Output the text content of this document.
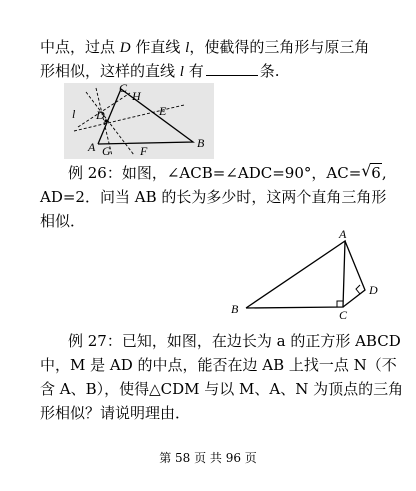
中点，过点 D 作直线 l，使截得的三角形与原三角
形相似，这样的直线 l 有	条.
l
C
H
D	E
A G F
B
例 26：如图，∠ACB=∠ADC=90°，AC= √ 6,
AD=2．问当 AB 的长为多少时，这两个直角三角形
相似．
A
D
B	C
例 27：已知，如图，在边长为 a 的正方形 ABCD
中，M 是 AD 的中点，能否在边 AB 上找一点 N（不
含 A、B），使得△CDM 与以 M、A、N 为顶点的三角
形相似？请说明理由．
第 58 页 共 96 页
